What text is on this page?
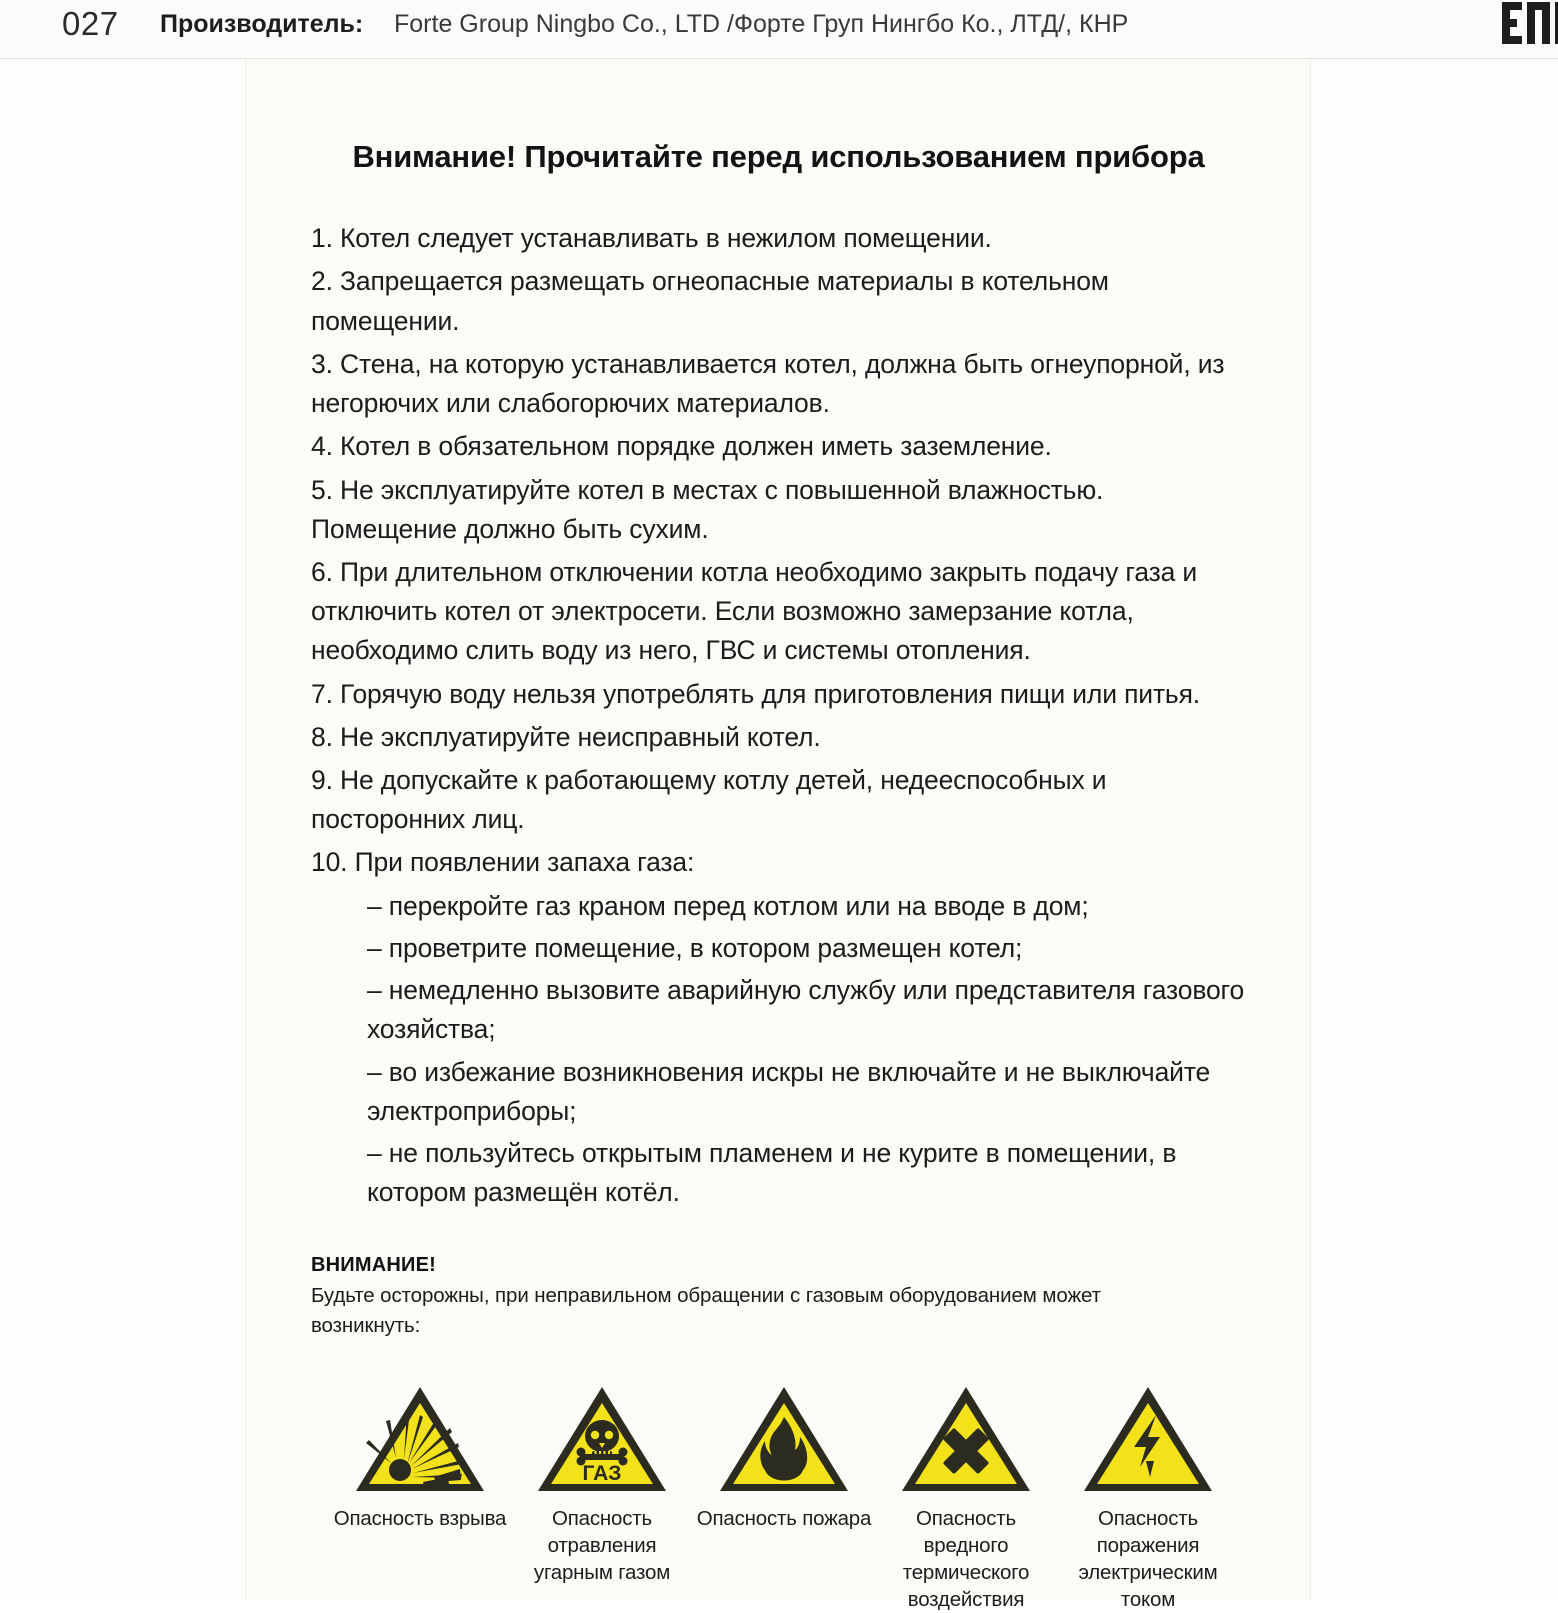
027 Производитель: Forte Group Ningbo Co., LTD /Форте Груп Нингбо Ко., ЛТД/, КНР
Внимание! Прочитайте перед использованием прибора
1. Котел следует устанавливать в нежилом помещении.
2. Запрещается размещать огнеопасные материалы в котельном помещении.
3. Стена, на которую устанавливается котел, должна быть огнеупорной, из негорючих или слабогорючих материалов.
4. Котел в обязательном порядке должен иметь заземление.
5. Не эксплуатируйте котел в местах с повышенной влажностью. Помещение должно быть сухим.
6. При длительном отключении котла необходимо закрыть подачу газа и отключить котел от электросети. Если возможно замерзание котла, необходимо слить воду из него, ГВС и системы отопления.
7. Горячую воду нельзя употреблять для приготовления пищи или питья.
8. Не эксплуатируйте неисправный котел.
9. Не допускайте к работающему котлу детей, недееспособных и посторонних лиц.
10. При появлении запаха газа:
– перекройте газ краном перед котлом или на вводе в дом;
– проветрите помещение, в котором размещен котел;
– немедленно вызовите аварийную службу или представителя газового хозяйства;
– во избежание возникновения искры не включайте и не выключайте электроприборы;
– не пользуйтесь открытым пламенем и не курите в помещении, в котором размещён котёл.
ВНИМАНИЕ!

Будьте осторожны, при неправильном обращении с газовым оборудованием может возникнуть:

Опасность взрыва
ГАЗ
Опасность отравления угарным газом
Опасность пожара	Опасность вредного термического воздействия
Опасность поражения электрическим током
